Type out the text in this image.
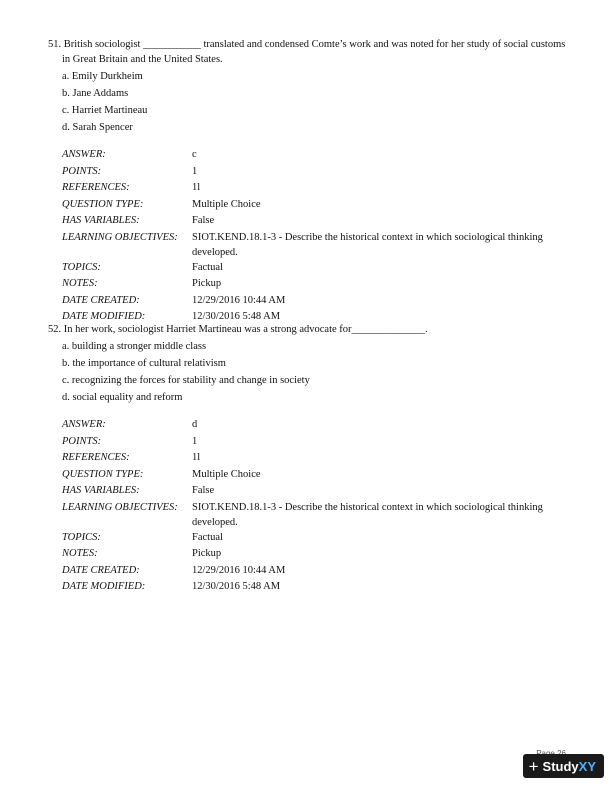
51. British sociologist ___________ translated and condensed Comte’s work and was noted for her study of social customs in Great Britain and the United States.

a. Emily Durkheim
b. Jane Addams
c. Harriet Martineau
d. Sarah Spencer
ANSWER:	c
POINTS:	1
REFERENCES:	1l
QUESTION TYPE:	Multiple Choice
HAS VARIABLES:	False
LEARNING OBJECTIVES:	SIOT.KEND.18.1-3 - Describe the historical context in which sociological thinking developed.
TOPICS:	Factual
NOTES:	Pickup
DATE CREATED:	12/29/2016 10:44 AM
DATE MODIFIED:	12/30/2016 5:48 AM

52. In her work, sociologist Harriet Martineau was a strong advocate for______________.

a. building a stronger middle class
b. the importance of cultural relativism
c. recognizing the forces for stability and change in society
d. social equality and reform
ANSWER:	d
POINTS:	1
REFERENCES:	1l
QUESTION TYPE:	Multiple Choice
HAS VARIABLES:	False
LEARNING OBJECTIVES:	SIOT.KEND.18.1-3 - Describe the historical context in which sociological thinking developed.
TOPICS:	Factual
NOTES:	Pickup
DATE CREATED:	12/29/2016 10:44 AM
DATE MODIFIED:	12/30/2016 5:48 AM
+ Study XY
